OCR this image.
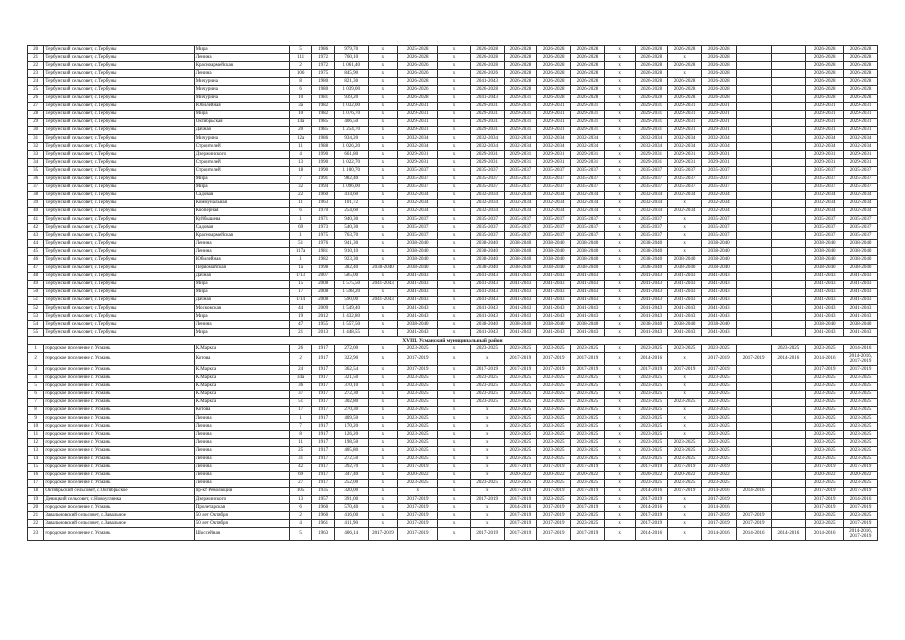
20	Тербунский сельсовет, с.Тербуны	Мира	5	1986	979,70	х	2025-2028	х	2026-2028	2026-2028	2026-2028	2026-2028	х	2026-2028	2026-2028	2026-2028			2026-2028	2026-2028
21	Тербунский сельсовет, с.Тербуны	Ленина	111	1972	760,10	х	2026-2028	х	2026-2028	2026-2028	2026-2028	2026-2028	х	2026-2028	х	2026-2028			2026-2028	2026-2028
22	Тербунский сельсовет, с.Тербуны	Красноармейская	2	1972	1 061,40	х	2026-2026	х	2026-2028	2026-2028	2026-2028	2026-2028	х	2026-2028	2026-2028	2026-2028			2026-2028	2026-2028
23	Тербунский сельсовет, с.Тербуны	Ленина	106	1975	845,90	х	2026-2026	х	2026-2026	2026-2028	2026-2028	2026-2028	х	2026-2028	х	2026-2028			2026-2028	2026-2028
24	Тербунский сельсовет, с.Тербуны	Мичурина	8	1980	821,30	х	2026-2028	х	2041-2043	2026-2028	2026-2028	2026-2028	х	2026-2028	2026-2028	2026-2028			2026-2028	2026-2028
25	Тербунский сельсовет, с.Тербуны	Мичурина	6	1980	1 039,00	х	2026-2026	х	2026-2028	2026-2028	2026-2028	2026-2028	х	2026-2028	2026-2028	2026-2028			2026-2028	2026-2028
26	Тербунский сельсовет, с.Тербуны	Мичурина	10	1981	939,20	х	2026-2028	х	2041-2043	2029-2031	2026-2028	2026-2028	х	2026-2028	2026-2028	2026-2028			2026-2028	2026-2028
27	Тербунский сельсовет, с.Тербуны	Юбилейная	3а	1982	1 032,00	х	2029-2031	х	2029-2031	2029-2031	2029-2031	2029-2031	х	2029-2031	2029-2031	2029-2031			2029-2031	2029-2031
28	Тербунский сельсовет, с.Тербуны	Мира	10	1982	1 076,70	х	2029-2031	х	2029-2031	2029-2031	2029-2031	2029-2031	х	2029-2031	2029-2031	2029-2031			2029-2031	2029-2031
29	Тербунский сельсовет, с.Тербуны	Октябрьская	14а	1985	406,50	х	2029-2031	х	2029-2031	2029-2031	2029-2031	2029-2031	х	2029-2031	2029-2031	2029-2031			2029-2031	2029-2031
30	Тербунский сельсовет, с.Тербуны	Дачная	20	1985	1 254,70	х	2029-2031	х	2029-2031	2029-2031	2029-2031	2029-2031	х	2029-2031	2029-2031	2029-2031			2029-2031	2029-2031
31	Тербунский сельсовет, с.Тербуны	Мичурина	12а	1986	934,20	х	2032-2034	х	2032-2034	2032-2034	2032-2034	2032-2034	х	2032-2034	2032-2034	2032-2034			2032-2034	2032-2034
32	Тербунский сельсовет, с.Тербуны	Строителей	11	1988	1 026,20	х	2032-2034	х	2032-2034	2032-2034	2032-2034	2032-2034	х	2032-2034	2032-2034	2032-2034			2032-2034	2032-2034
33	Тербунский сельсовет, с.Тербуны	Дзержинского	4	1990	661,80	х	2029-2031	х	2029-2031	2029-2031	2029-2031	2029-2031	х	2029-2031	2029-2031	2029-2031			2029-2031	2029-2031
34	Тербунский сельсовет, с.Тербуны	Строителей	13	1990	1 022,70	х	2029-2031	х	2029-2031	2029-2031	2029-2031	2029-2031	х	2029-2031	2029-2031	2029-2031			2029-2031	2029-2031
35	Тербунский сельсовет, с.Тербуны	Строителей	18	1990	1 100,70	х	2035-2037	х	2035-2037	2035-2037	2035-2037	2035-2037	х	2035-2037	2035-2037	2035-2037			2035-2037	2035-2037
36	Тербунский сельсовет, с.Тербуны	Мира	7	1991	982,40	х	2035-2037	х	2035-2037	2035-2037	2035-2037	2035-2037	х	2035-2037	2035-2037	2035-2037			2035-2037	2035-2037
37	Тербунский сельсовет, с.Тербуны	Мира	32	1994	1 096,00	х	2035-2037	х	2035-2037	2035-2037	2035-2037	2035-2037	х	2035-2037	2035-2037	2035-2037			2035-2037	2035-2037
38	Тербунский сельсовет, с.Тербуны	Садовая	22	1960	414,60	х	2032-2034	х	2032-2034	2032-2034	2032-2034	2032-2034	х	2032-2034	2032-2034	2032-2034			2032-2034	2032-2034
39	Тербунский сельсовет, с.Тербуны	Коммунальная	11	1963	101,72	х	2032-2034	х	2032-2034	2032-2034	2032-2034	2032-2034	х	2032-2034	х	2032-2034			2032-2034	2032-2034
40	Тербунский сельсовет, с.Тербуны	Кооперная	6	1970	254,60	х	2032-2034	х	2032-2034	2032-2034	2032-2034	2032-2034	х	2032-2034	2032-2034	2032-2034			2032-2034	2032-2034
41	Тербунский сельсовет, с.Тербуны	Куйбышева	1	1971	940,30	х	2035-2037	х	2035-2037	2035-2037	2035-2037	2035-2037	х	2035-2037	х	2035-2037			2035-2037	2035-2037
42	Тербунский сельсовет, с.Тербуны	Садовая	69	1973	540,30	х	2035-2037	х	2035-2037	2035-2037	2035-2037	2035-2037	х	2035-2037	х	2035-2037			2035-2037	2035-2037
43	Тербунский сельсовет, с.Тербуны	Красноармейская	1	1975	763,70	х	2035-2037	х	2035-2037	2035-2037	2035-2037	2035-2037	х	2035-2037	х	2035-2037			2035-2037	2035-2037
44	Тербунский сельсовет, с.Тербуны	Ленина	51	1976	941,30	х	2038-2040	х	2038-2040	2038-2040	2038-2040	2038-2040	х	2038-2040	х	2038-2040			2038-2040	2038-2040
45	Тербунский сельсовет, с.Тербуны	Ленина	117а	1981	910,10	х	2038-2040	х	2038-2040	2038-2040	2038-2040	2038-2040	х	2038-2040	х	2038-2040			2038-2040	2038-2040
46	Тербунский сельсовет, с.Тербуны	Юбилейная	1	1982	923,30	х	2038-2040	х	2038-2040	2038-2040	2038-2040	2038-2040	х	2038-2040	2038-2040	2038-2040			2038-2040	2038-2040
47	Тербунский сельсовет, с.Тербуны	Первомайская	1а	1998	382,40	2038-2040	2038-2040	х	2038-2040	2038-2040	2038-2040	2038-2040	х	2038-2040	2038-2040	2038-2040			2038-2040	2038-2040
48	Тербунский сельсовет, с.Тербуны	Дачная	1/13	2007	585,00	х	2041-2043	х	2041-2043	2041-2043	2041-2043	2041-2043	х	2041-2043	2041-2043	2041-2043			2041-2043	2041-2043
49	Тербунский сельсовет, с.Тербуны	Мира	15	2008	1 575,50	2041-2043	2041-2043	х	2041-2043	2041-2043	2041-2043	2041-2043	х	2041-2043	2041-2043	2041-2043			2041-2043	2041-2043
50	Тербунский сельсовет, с.Тербуны	Мира	17	2008	1 598,20	х	2041-2043	х	2041-2043	2041-2043	2041-2043	2041-2043	х	2041-2043	2041-2043	2041-2043			2041-2043	2041-2043
51	Тербунский сельсовет, с.Тербуны	Дачная	1/14	2008	590,00	2041-2043	2041-2043	х	2041-2043	2041-2043	2041-2043	2041-2043	х	2041-2043	2041-2043	2041-2043			2041-2043	2041-2043
52	Тербунский сельсовет, с.Тербуны	Московская	44	2009	1 549,40	х	2041-2043	х	2041-2043	2041-2043	2041-2043	2041-2043	х	2041-2043	2041-2043	2041-2043			2041-2043	2041-2043
53	Тербунский сельсовет, с.Тербуны	Мира	19	2012	1 432,80	х	2041-2043	х	2041-2043	2041-2043	2041-2043	2041-2043	х	2041-2043	2041-2043	2041-2043			2041-2043	2041-2043
54	Тербунский сельсовет, с.Тербуны	Ленина	47	1955	1 557,50	х	2038-2040	х	2038-2040	2038-2040	2038-2040	2038-2040	х	2038-2040	2038-2040	2038-2040			2038-2040	2038-2040
55	Тербунский сельсовет, с.Тербуны	Мира	21	2013	1 448,55	х	2041-2043	х	2041-2043	2041-2043	2041-2043	2041-2043	х	2041-2043	2041-2043	2041-2043			2041-2043	2041-2043
XVIII. Усманский муниципальный район																				
1	городское поселение г. Усмань	К.Маркса	26	1917	272,00	х	2023-2025	х	2023-2025	2023-2025	2023-2025	2023-2025	х	2023-2025	2023-2025	2023-2025		2023-2025	2023-2025	2014-2016
2	городское поселение г. Усмань	Котова	2	1917	322,90	х	2017-2019	х	х	2017-2019	2017-2019	2017-2019	х	2014-2016	х	2017-2019	2017-2019	2014-2016	2014-2016	2014-2016, 2017-2019
3	городское поселение г. Усмань	К.Маркса	24	1917	362,54	х	2017-2019	х	2017-2019	2017-2019	2017-2019	2017-2019	х	2017-2019	2017-2019	2017-2019			2017-2019	2017-2019
4	городское поселение г. Усмань	К.Маркса	34а	1917	321,50	х	2023-2025	х	2023-2025	2023-2025	2023-2025	2023-2025	х	2023-2025	х	2023-2025			2023-2025	2023-2025
5	городское поселение г. Усмань	К.Маркса	36	1917	370,10	х	2023-2025	х	2023-2025	2023-2025	2023-2025	2023-2025	х	2023-2025	х	2023-2025			2023-2025	2023-2025
6	городское поселение г. Усмань	К.Маркса	37	1917	272,30	х	2023-2025	х	2023-2025	2023-2025	2023-2025	2023-2025	х	2023-2025	х	2023-2025			2023-2025	2023-2025
7	городское поселение г. Усмань	К.Маркса	51	1917	302,80	х	2023-2025	х	2023-2025	2023-2025	2023-2025	2023-2025	х	2023-2025	2023-2025	2023-2025			2023-2025	2023-2025
8	городское поселение г. Усмань	Котова	17	1917	270,30	х	2023-2025	х	х	2023-2025	2023-2025	2023-2025	х	2023-2025	х	2023-2025			2023-2025	2023-2025
9	городское поселение г. Усмань	Ленина	1	1917	409,50	х	2023-2025	х	х	2023-2025	2023-2025	2023-2025	х	2023-2025	х	2023-2025			2023-2025	2023-2025
10	городское поселение г. Усмань	Ленина	7	1917	170,20	х	2023-2025	х	х	2023-2025	2023-2025	2023-2025	х	2023-2025	х	2023-2025			2023-2025	2023-2025
11	городское поселение г. Усмань	Ленина	8	1917	126,20	х	2023-2025	х	х	2023-2025	2023-2025	2023-2025	х	2023-2025	х	2023-2025			2023-2025	2023-2025
12	городское поселение г. Усмань	Ленина	11	1917	198,50	х	2023-2025	х	х	2023-2025	2023-2025	2023-2025	х	2023-2025	2023-2025	2023-2025			2023-2025	2023-2025
13	городское поселение г. Усмань	Ленина	25	1917	405,80	х	2023-2025	х	х	2023-2025	2023-2025	2023-2025	х	2023-2025	2023-2025	2023-2025			2023-2025	2023-2025
14	городское поселение г. Усмань	Ленина	31	1917	272,50	х	2023-2025	х	х	2023-2025	2023-2025	2023-2025	х	2023-2025	2023-2025	2023-2025			2023-2025	2023-2025
15	городское поселение г. Усмань	Ленина	42	1917	392,70	х	2017-2019	х	х	2017-2019	2017-2019	2017-2019	х	2017-2019	2017-2019	2017-2019			2017-2019	2017-2019
16	городское поселение г. Усмань	Ленина	69	1917	347,40	х	2020-2022	х	х	2020-2022	2020-2022	2020-2022	х	2020-2022	2020-2022	2020-2022			2020-2022	2020-2022
17	городское поселение г. Усмань	Ленина	27	1917	252,00	х	2023-2025	х	2023-2025	2023-2025	2023-2025	2023-2025	х	2023-2025	2023-2025	2023-2025			2023-2025	2023-2025
18	Октябрьский сельсовет, с.Октябрьское	пр-кт Революции	105	1935	320,00	х	х	х	х	2017-2019	2017-2019	2017-2019	х	2014-2016	2017-2019	2014-2016	2014-2016		2017-2019	2017-2019
19	Девицкий сельсовет, с.Новоуглянка	Дзержинского	13	1957	391,00	х	2017-2019	х	2017-2019	2017-2019	2023-2025	2023-2025	х	2017-2019	х	2017-2019			2017-2019	2014-2016
20	городское поселение г. Усмань	Пролетарская	6	1960	570,40	х	2017-2019	х	х	2014-2016	2017-2019	2017-2019	х	2014-2016	х	2014-2016			2017-2019	2017-2019
21	Завальновский сельсовет, с.Завальное	50 лет Октября	2	1960	416,00	х	2017-2019	х	х	2017-2019	2017-2019	2023-2025	х	2017-2019	х	2017-2019	2017-2019		2023-2025	2023-2025
22	Завальновский сельсовет, с.Завальное	50 лет Октября	4	1961	411,90	х	2017-2019	х	х	2017-2019	2017-2019	2023-2025	х	2017-2019	х	2017-2019	2017-2019		2023-2025	2017-2019
23	городское поселение г. Усмань	Шоссейная	5	1963	406,14	2017-2019	2017-2019	х	2017-2019	2017-2019	2017-2019	2017-2019	х	2014-2016	х	2014-2016	2014-2016	2014-2016	2014-2016	2014-2016, 2017-2019
